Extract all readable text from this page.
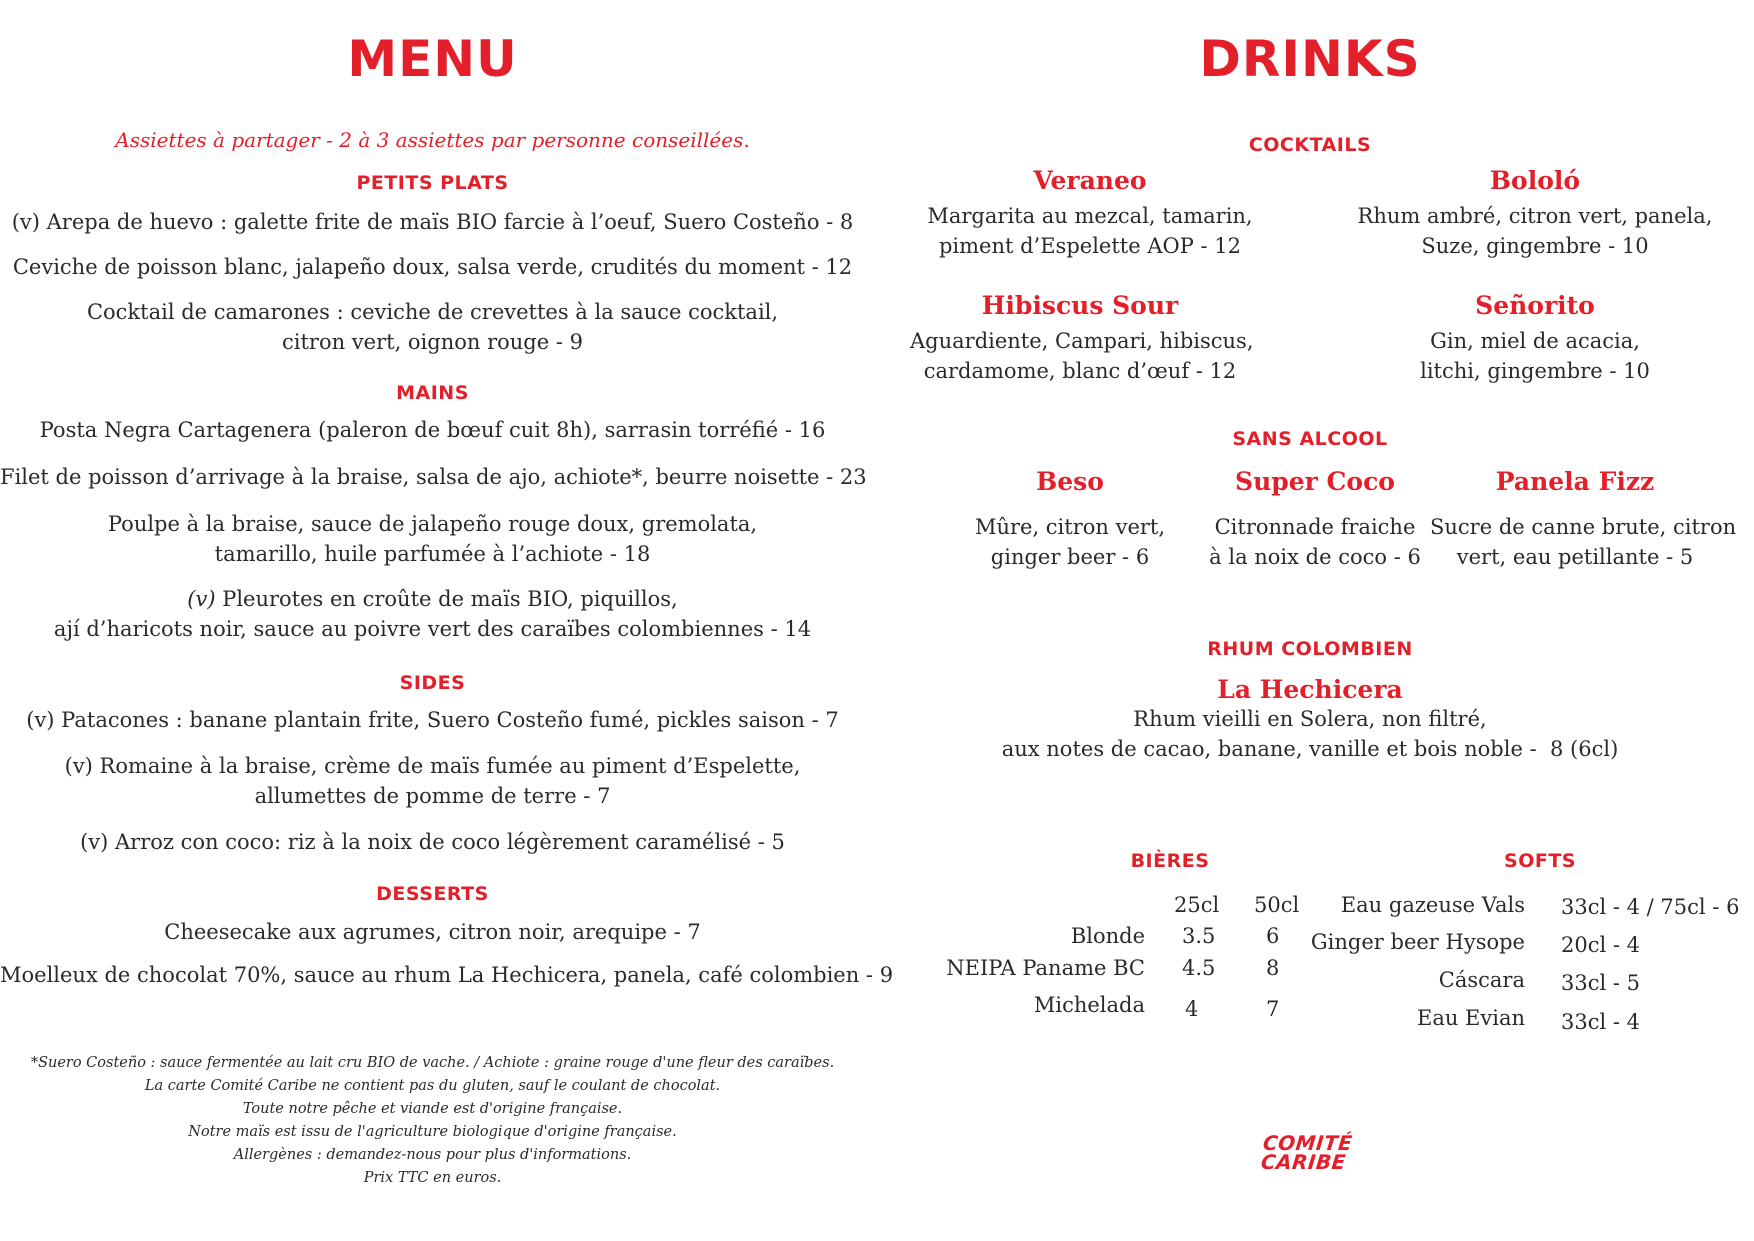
MENU
Assiettes à partager - 2 à 3 assiettes par personne conseillées.
PETITS PLATS
(v) Arepa de huevo : galette frite de maïs BIO farcie à l’oeuf, Suero Costeño - 8
Ceviche de poisson blanc, jalapeño doux, salsa verde, crudités du moment - 12
Cocktail de camarones : ceviche de crevettes à la sauce cocktail,
citron vert, oignon rouge - 9
MAINS
Posta Negra Cartagenera (paleron de bœuf cuit 8h), sarrasin torréfié - 16
Filet de poisson d’arrivage à la braise, salsa de ajo, achiote*, beurre noisette - 23
Poulpe à la braise, sauce de jalapeño rouge doux, gremolata,
tamarillo, huile parfumée à l’achiote - 18
(v) Pleurotes en croûte de maïs BIO, piquillos,
ají d’haricots noir, sauce au poivre vert des caraïbes colombiennes - 14
SIDES
(v) Patacones : banane plantain frite, Suero Costeño fumé, pickles saison - 7
(v) Romaine à la braise, crème de maïs fumée au piment d’Espelette,
allumettes de pomme de terre - 7
(v) Arroz con coco: riz à la noix de coco légèrement caramélisé - 5
DESSERTS
Cheesecake aux agrumes, citron noir, arequipe - 7
Moelleux de chocolat 70%, sauce au rhum La Hechicera, panela, café colombien - 9
*Suero Costeño : sauce fermentée au lait cru BIO de vache. / Achiote : graine rouge d'une fleur des caraïbes.
La carte Comité Caribe ne contient pas du gluten, sauf le coulant de chocolat.
Toute notre pêche et viande est d'origine française.
Notre maïs est issu de l'agriculture biologique d'origine française.
Allergènes : demandez-nous pour plus d'informations.
Prix TTC en euros.
DRINKS
COCKTAILS
Veraneo
Margarita au mezcal, tamarin,
piment d’Espelette AOP - 12
Bololó
Rhum ambré, citron vert, panela,
Suze, gingembre - 10
Hibiscus Sour
Aguardiente, Campari, hibiscus,
cardamome, blanc d’œuf - 12
Señorito
Gin, miel de acacia,
litchi, gingembre - 10
SANS ALCOOL
Beso
Mûre, citron vert,
ginger beer - 6
Super Coco
Citronnade fraiche
à la noix de coco - 6
Panela Fizz
Sucre de canne brute, citron
vert, eau petillante - 5
RHUM COLOMBIEN
La Hechicera
Rhum vieilli en Solera, non filtré,
aux notes de cacao, banane, vanille et bois noble -  8 (6cl)
BIÈRES
25cl 50cl
Blonde 3.5 6
NEIPA Paname BC 4.5 8
Michelada 4	7
SOFTS
Eau gazeuse Vals 33cl - 4 / 75cl - 6
Ginger beer Hysope 20cl - 4
Cáscara 33cl - 5
Eau Evian 33cl - 4
COMITÉ
CARIBE
